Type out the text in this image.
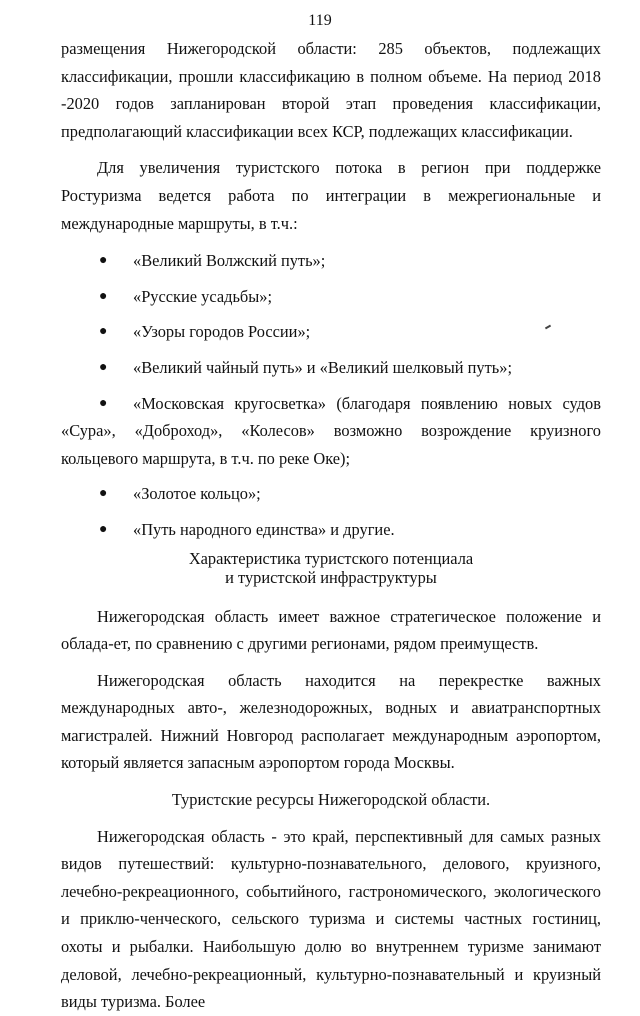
119

размещения Нижегородской области: 285 объектов, подлежащих

классификации, прошли классификацию в полном объеме. На период 2018 -2020 годов запланирован второй этап проведения классификации, предполагающий классификации всех КСР, подлежащих классификации.

Для увеличения туристского потока в регион при поддержке Ростуризма ведется работа по интеграции в межрегиональные и международные маршруты, в т.ч.:

● «Великий Волжский путь»;
● «Русские усадьбы»;
● «Узоры городов России»;
● «Великий чайный путь» и «Великий шелковый путь»;
● «Московская кругосветка» (благодаря появлению новых судов
«Сура», «Доброход», «Колесов» возможно возрождение круизного кольцевого маршрута, в т.ч. по реке Оке);
● «Золотое кольцо»;
● «Путь народного единства» и другие.

Характеристика туристского потенциала

и туристской инфраструктуры

Нижегородская область имеет важное стратегическое положение и облада-ет, по сравнению с другими регионами, рядом преимуществ.

Нижегородская область находится на перекрестке важных международных авто-, железнодорожных, водных и авиатранспортных магистралей. Нижний Новгород располагает международным аэропортом, который является запасным аэропортом города Москвы.

Туристские ресурсы Нижегородской области.

Нижегородская область - это край, перспективный для самых разных видов путешествий: культурно-познавательного, делового, круизного, лечебно-рекреационного, событийного, гастрономического, экологического и приклю-ченческого, сельского туризма и системы частных гостиниц, охоты и рыбалки. Наибольшую долю во внутреннем туризме занимают деловой, лечебно-рекреационный, культурно-познавательный и круизный виды туризма. Более
